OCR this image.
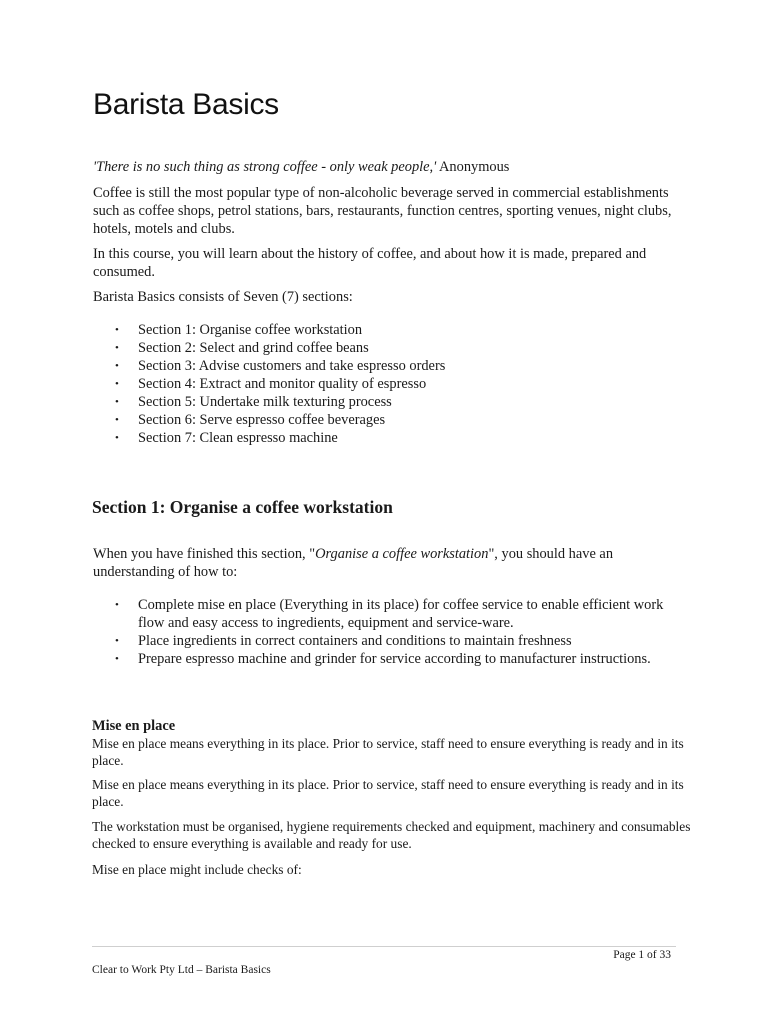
Barista Basics

'There is no such thing as strong coffee - only weak people,' Anonymous

Coffee is still the most popular type of non-alcoholic beverage served in commercial establishments such as coffee shops, petrol stations, bars, restaurants, function centres, sporting venues, night clubs, hotels, motels and clubs.

In this course, you will learn about the history of coffee, and about how it is made, prepared and consumed.

Barista Basics consists of Seven (7) sections:

• Section 1: Organise coffee workstation
• Section 2: Select and grind coffee beans
• Section 3: Advise customers and take espresso orders
• Section 4: Extract and monitor quality of espresso
• Section 5: Undertake milk texturing process
• Section 6: Serve espresso coffee beverages
• Section 7: Clean espresso machine
Section 1: Organise a coffee workstation

When you have finished this section, "Organise a coffee workstation", you should have an understanding of how to:

• Complete mise en place (Everything in its place) for coffee service to enable efficient work flow and easy access to ingredients, equipment and service-ware.
• Place ingredients in correct containers and conditions to maintain freshness
• Prepare espresso machine and grinder for service according to manufacturer instructions.
Mise en place

Mise en place means everything in its place. Prior to service, staff need to ensure everything is ready and in its place.

Mise en place means everything in its place. Prior to service, staff need to ensure everything is ready and in its place.

The workstation must be organised, hygiene requirements checked and equipment, machinery and consumables checked to ensure everything is available and ready for use.

Mise en place might include checks of:

Page 1 of 33
Clear to Work Pty Ltd – Barista Basics
